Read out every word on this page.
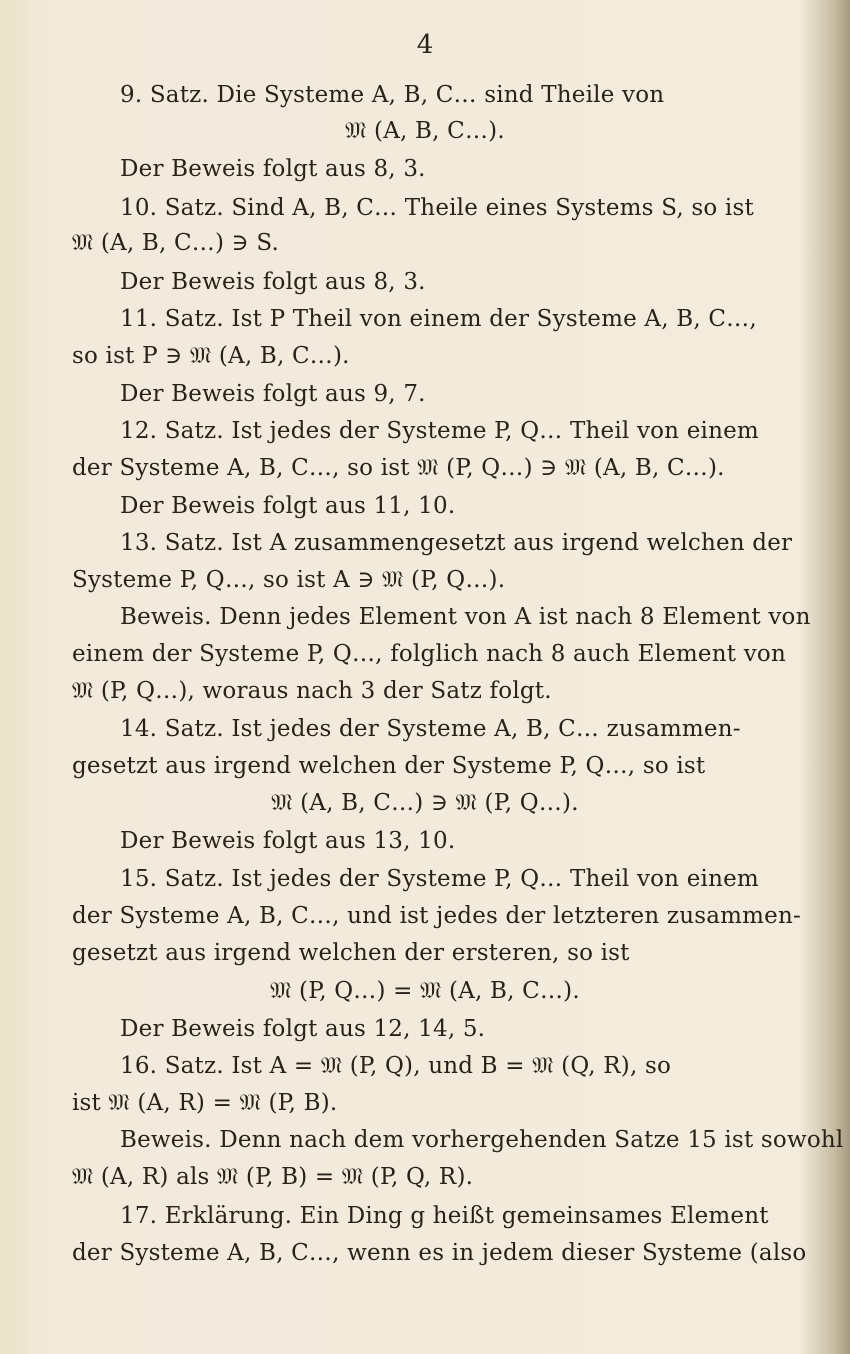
4
9. Satz. Die Systeme A, B, C… sind Theile von
𝔐 (A, B, C…).
Der Beweis folgt aus 8, 3.
10. Satz. Sind A, B, C… Theile eines Systems S, so ist
𝔐 (A, B, C…) ∋ S.
Der Beweis folgt aus 8, 3.
11. Satz. Ist P Theil von einem der Systeme A, B, C…,
so ist P ∋ 𝔐 (A, B, C…).
Der Beweis folgt aus 9, 7.
12. Satz. Ist jedes der Systeme P, Q… Theil von einem
der Systeme A, B, C…, so ist 𝔐 (P, Q…) ∋ 𝔐 (A, B, C…).
Der Beweis folgt aus 11, 10.
13. Satz. Ist A zusammengesetzt aus irgend welchen der
Systeme P, Q…, so ist A ∋ 𝔐 (P, Q…).
Beweis. Denn jedes Element von A ist nach 8 Element von
einem der Systeme P, Q…, folglich nach 8 auch Element von
𝔐 (P, Q…), woraus nach 3 der Satz folgt.
14. Satz. Ist jedes der Systeme A, B, C… zusammen-
gesetzt aus irgend welchen der Systeme P, Q…, so ist
𝔐 (A, B, C…) ∋ 𝔐 (P, Q…).
Der Beweis folgt aus 13, 10.
15. Satz. Ist jedes der Systeme P, Q… Theil von einem
der Systeme A, B, C…, und ist jedes der letzteren zusammen-
gesetzt aus irgend welchen der ersteren, so ist
𝔐 (P, Q…) = 𝔐 (A, B, C…).
Der Beweis folgt aus 12, 14, 5.
16. Satz. Ist A = 𝔐 (P, Q), und B = 𝔐 (Q, R), so
ist 𝔐 (A, R) = 𝔐 (P, B).
Beweis. Denn nach dem vorhergehenden Satze 15 ist sowohl
𝔐 (A, R) als 𝔐 (P, B) = 𝔐 (P, Q, R).
17. Erklärung. Ein Ding g heißt gemeinsames Element
der Systeme A, B, C…, wenn es in jedem dieser Systeme (also
